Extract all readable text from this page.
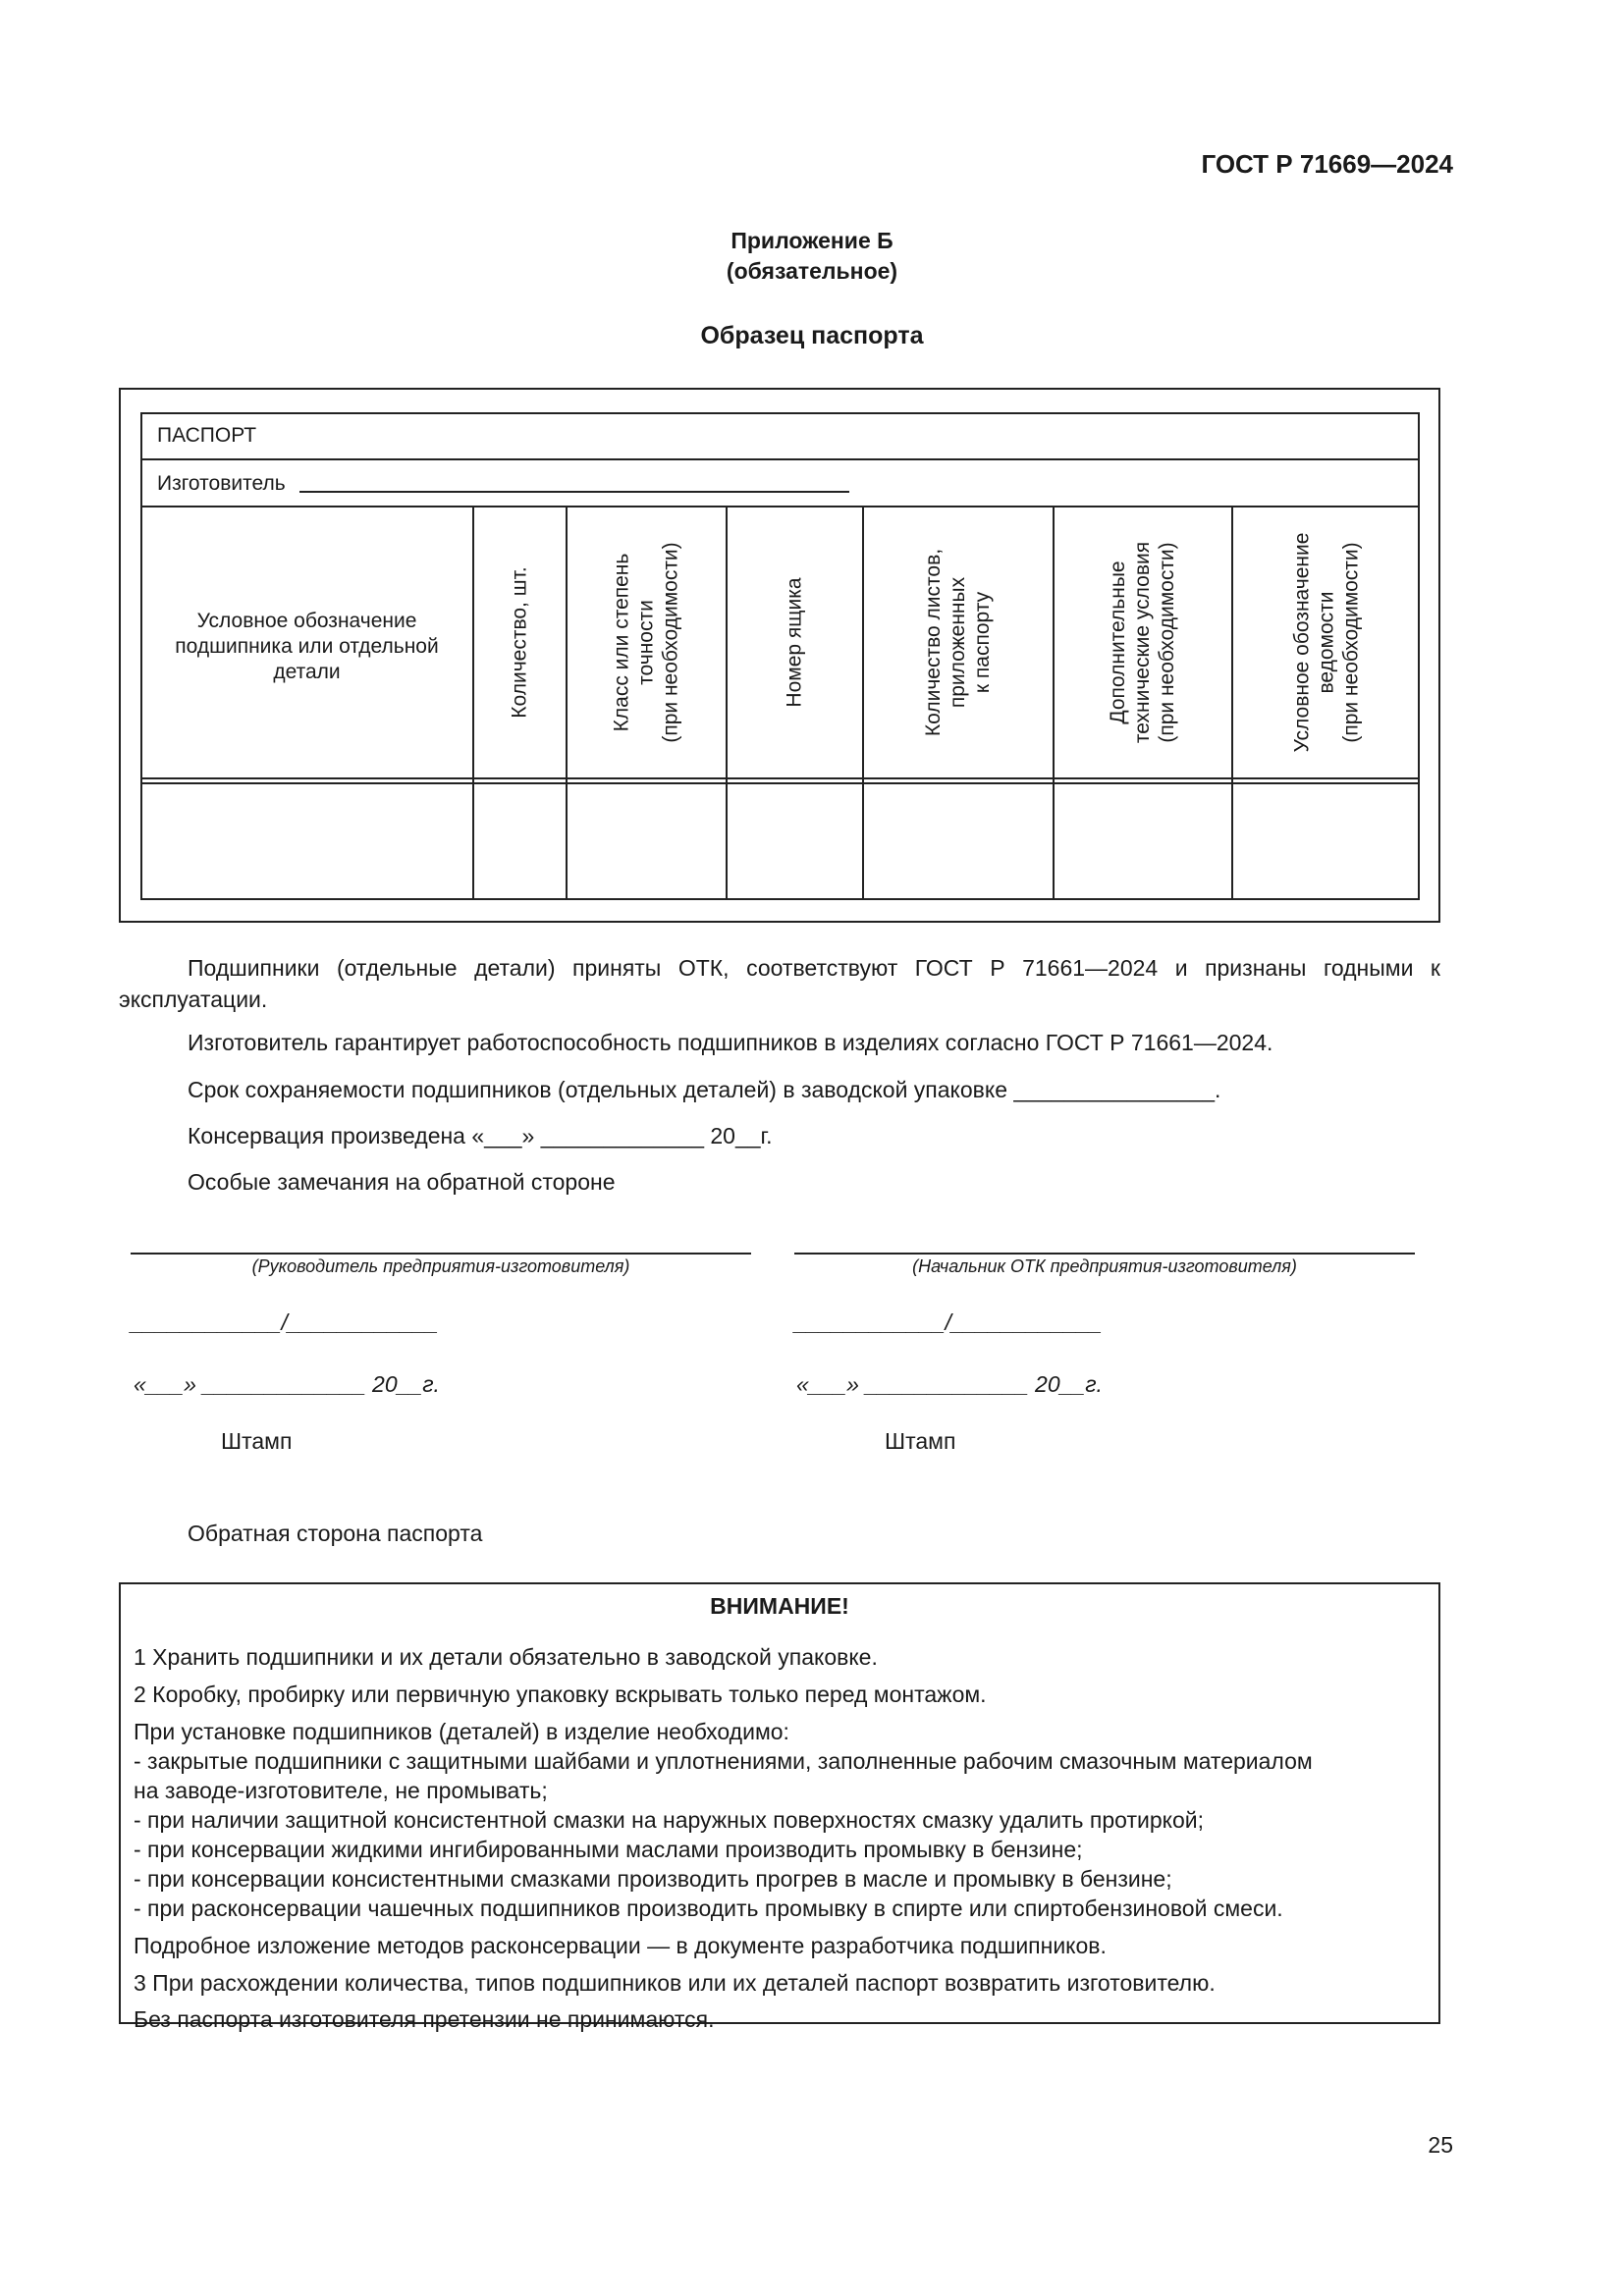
ГОСТ Р 71669—2024
Приложение Б
(обязательное)
Образец паспорта
ПАСПОРТ
Изготовитель
Условное обозначение
подшипника или отдельной
детали	Количество, шт.	Класс или степень точности (при необходимости)	Номер ящика	Количество листов, приложенных к паспорту	Дополнительные технические условия (при необходимости)	Условное обозначение ведомости (при необходимости)
Подшипники (отдельные детали) приняты ОТК, соответствуют ГОСТ Р 71661—2024 и признаны годными к эксплуатации.
Изготовитель гарантирует работоспособность подшипников в изделиях согласно ГОСТ Р 71661—2024.
Срок сохраняемости подшипников (отдельных деталей) в заводской упаковке ________________.
Консервация произведена «___» _____________ 20__г.
Особые замечания на обратной стороне
(Руководитель предприятия-изготовителя)	(Начальник ОТК предприятия-изготовителя)
____________/____________	____________/____________
«___» _____________ 20__г.	«___» _____________ 20__г.
Штамп	Штамп
Обратная сторона паспорта
ВНИМАНИЕ!
1 Хранить подшипники и их детали обязательно в заводской упаковке.
2 Коробку, пробирку или первичную упаковку вскрывать только перед монтажом.
При установке подшипников (деталей) в изделие необходимо:
- закрытые подшипники с защитными шайбами и уплотнениями, заполненные рабочим смазочным материалом
на заводе-изготовителе, не промывать;
- при наличии защитной консистентной смазки на наружных поверхностях смазку удалить протиркой;
- при консервации жидкими ингибированными маслами производить промывку в бензине;
- при консервации консистентными смазками производить прогрев в масле и промывку в бензине;
- при расконсервации чашечных подшипников производить промывку в спирте или спиртобензиновой смеси.
Подробное изложение методов расконсервации — в документе разработчика подшипников.
3 При расхождении количества, типов подшипников или их деталей паспорт возвратить изготовителю.
Без паспорта изготовителя претензии не принимаются.
25
